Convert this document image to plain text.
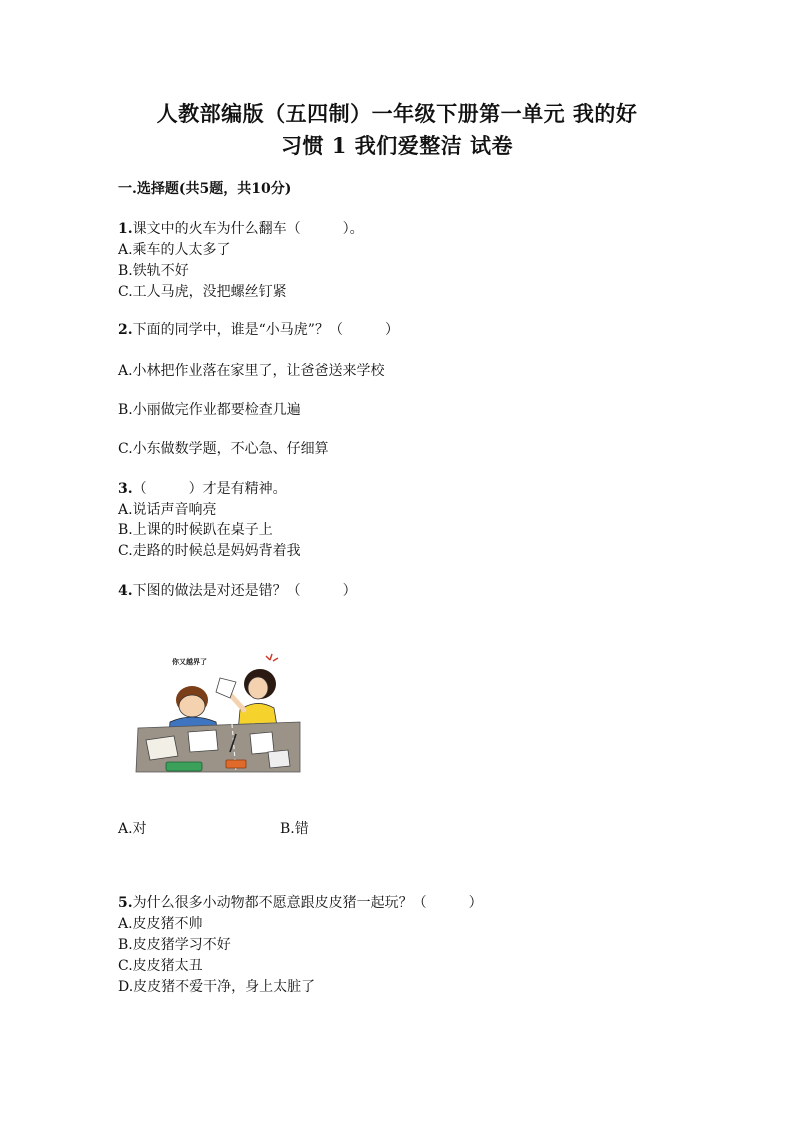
人教部编版（五四制）一年级下册第一单元 我的好
习惯 1 我们爱整洁 试卷
一.选择题(共5题，共10分)
1.课文中的火车为什么翻车（　　　）。
A.乘车的人太多了
B.铁轨不好
C.工人马虎，没把螺丝钉紧
2.下面的同学中，谁是“小马虎”？（　　　）
A.小林把作业落在家里了，让爸爸送来学校
B.小丽做完作业都要检查几遍
C.小东做数学题，不心急、仔细算
3.（　　　）才是有精神。
A.说话声音响亮
B.上课的时候趴在桌子上
C.走路的时候总是妈妈背着我
4.下图的做法是对还是错？（　　　）
你又越界了
A.对	B.错
5.为什么很多小动物都不愿意跟皮皮猪一起玩？（　　　）
A.皮皮猪不帅
B.皮皮猪学习不好
C.皮皮猪太丑
D.皮皮猪不爱干净，身上太脏了
